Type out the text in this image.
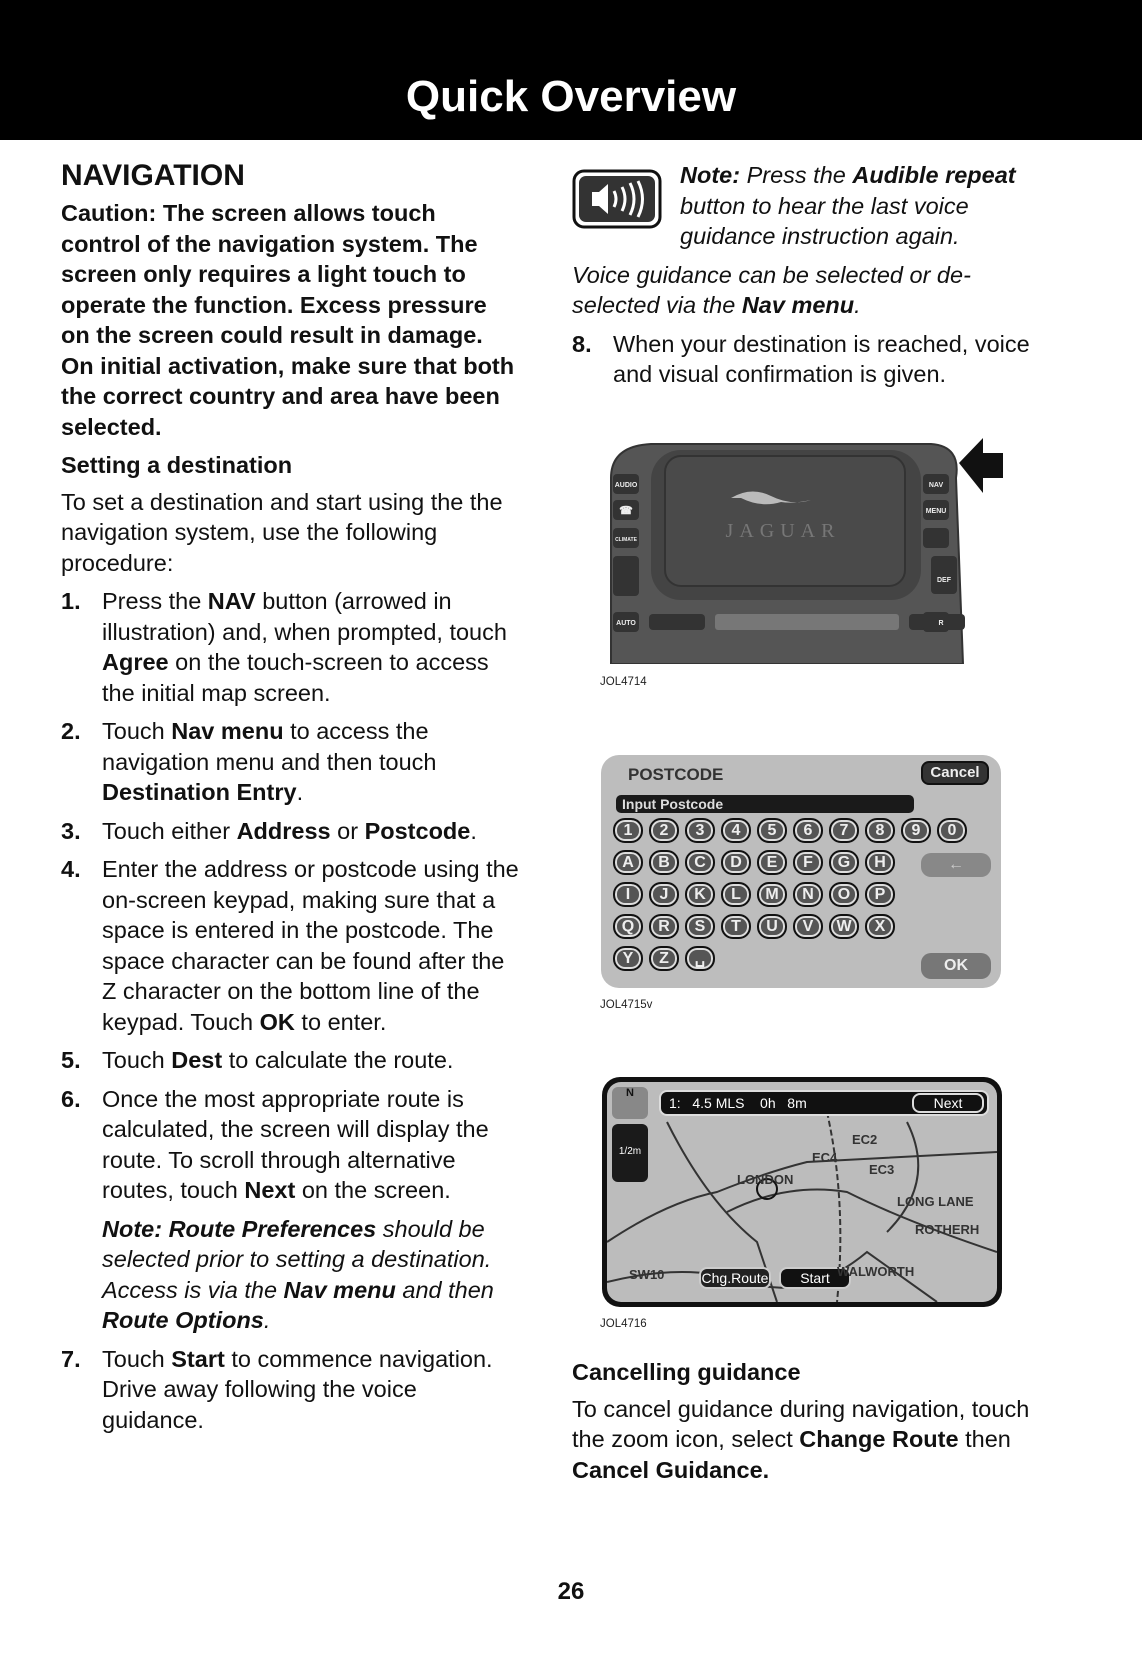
Quick Overview
NAVIGATION

Caution: The screen allows touch control of the navigation system. The screen only requires a light touch to operate the function. Excess pressure on the screen could result in damage. On initial activation, make sure that both the correct country and area have been selected.

Setting a destination

To set a destination and start using the the navigation system, use the following procedure:

1. Press the NAV button (arrowed in illustration) and, when prompted, touch Agree on the touch-screen to access the initial map screen.
2. Touch Nav menu to access the navigation menu and then touch Destination Entry.
3. Touch either Address or Postcode.
4. Enter the address or postcode using the on-screen keypad, making sure that a space is entered in the postcode. The space character can be found after the Z character on the bottom line of the keypad. Touch OK to enter.
5. Touch Dest to calculate the route.
6. Once the most appropriate route is calculated, the screen will display the route. To scroll through alternative routes, touch Next on the screen.
Note: Route Preferences should be selected prior to setting a destination. Access is via the Nav menu and then Route Options.
7. Touch Start to commence navigation. Drive away following the voice guidance.

Note: Press the Audible repeat button to hear the last voice guidance instruction again.

Voice guidance can be selected or de-selected via the Nav menu.

8. When your destination is reached, voice and visual confirmation is given.
JAGUAR
AUDIO
☎
CLIMATE
AUTO
NAV
MENU
DEF
R
JOL4714
POSTCODE	Cancel
Input Postcode
←
OK
1	2	3	4	5	6	7	8	9	0
A	B	C	D	E	F	G	H
I	J	K	L	M	N	O	P
Q	R	S	T	U	V	W	X
Y	Z	␣
JOL4715v
N
1/2m
1:   4.5 MLS    0h   8m	Next
Chg.Route	Start
EC2
EC4
EC3
LONDON
LONG LANE
ROTHERH
WALWORTH
SW10
JOL4716
Cancelling guidance

To cancel guidance during navigation, touch the zoom icon, select Change Route then Cancel Guidance.

26
